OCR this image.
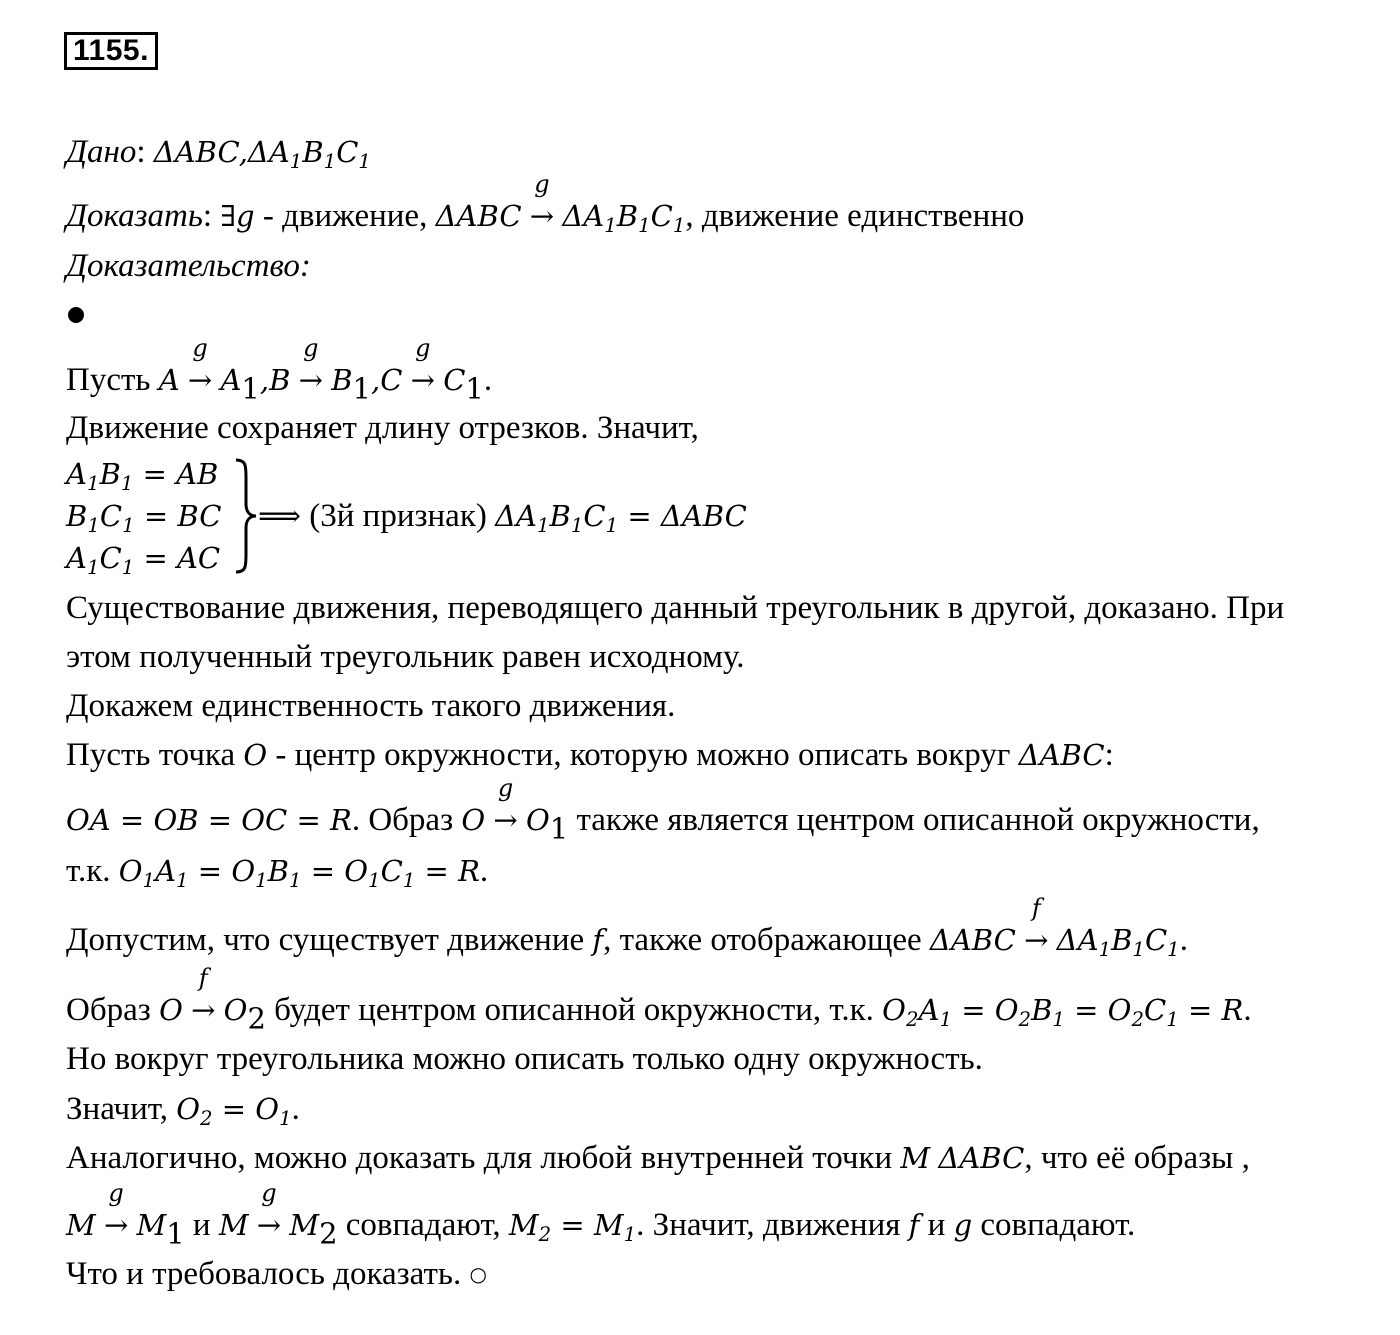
1155.
Дано: $\Delta ABC,\Delta A_1B_1C_1$
Доказать: ∃g - движение, ΔABC
g
→ $\Delta A_1B_1C_1$, движение единственно
Доказательство:
Пусть A
g
→ $A_1,B$
g
→ $B_1,C$
g
→ $C_1$.
Движение сохраняет длину отрезков. Значит,
$A_1B_1$ = AB
$B_1C_1$ = BC
$A_1C_1$ = AC
⟹ (3й признак) $\Delta A_1B_1C_1 = \Delta ABC$
Существование движения, переводящего данный треугольник в другой, доказано. При
этом полученный треугольник равен исходному.
Докажем единственность такого движения.
Пусть точка O - центр окружности, которую можно описать вокруг ΔABC:
OA = OB = OC = R. Образ O
g
→ $O_1$ также является центром описанной окружности,
т.к. $O_1A_1 = O_1B_1 = O_1C_1 = R$.
Допустим, что существует движение f, также отображающее ΔABC
f
→ $\Delta A_1B_1C_1$.
Образ O
f
→ $O_2$ будет центром описанной окружности, т.к. $O_2A_1 = O_2B_1 = O_2C_1 = R$.
Но вокруг треугольника можно описать только одну окружность.
Значит, $O_2 = O_1$.
Аналогично, можно доказать для любой внутренней точки M ΔABC, что её образы ,
M
g
→ $M_1$ и M
g
→ $M_2$ совпадают, $M_2 = M_1$. Значит, движения f и g совпадают.
Что и требовалось доказать. ○
